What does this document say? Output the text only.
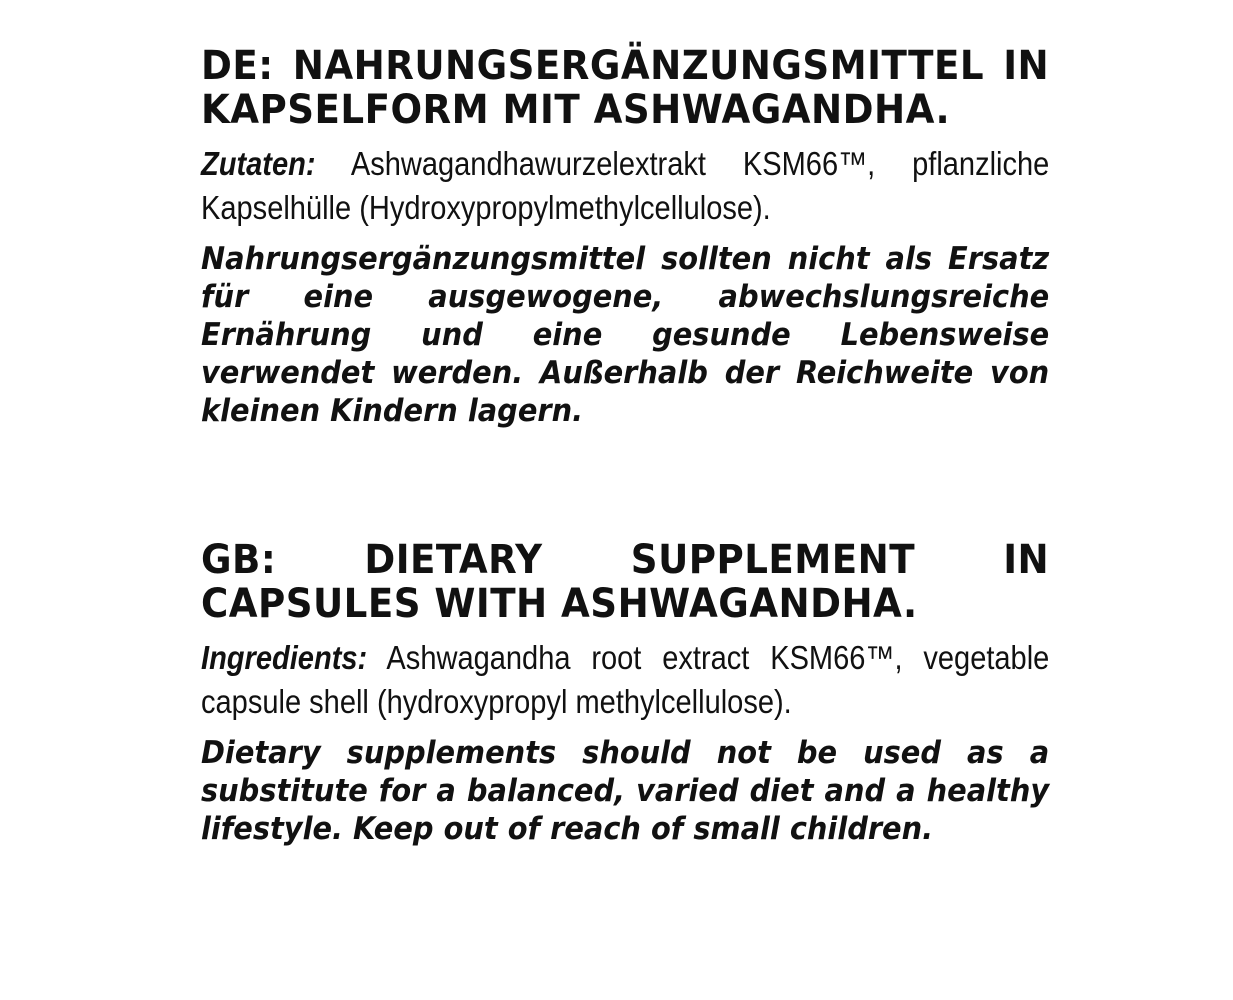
DE: NAHRUNGSERGÄNZUNGSMITTEL IN KAPSELFORM MIT ASHWAGANDHA.

Zutaten: Ashwagandhawurzelextrakt KSM66™, pflanzliche Kapselhülle (Hydroxypropylmethylcellulose).

Nahrungsergänzungsmittel sollten nicht als Ersatz für eine ausgewogene, abwechslungsreiche Ernährung und eine gesunde Lebensweise verwendet werden. Außerhalb der Reichweite von kleinen Kindern lagern.

GB: DIETARY SUPPLEMENT IN CAPSULES WITH ASHWAGANDHA.

Ingredients: Ashwagandha root extract KSM66™, vegetable capsule shell (hydroxypropyl methylcellulose).

Dietary supplements should not be used as a substitute for a balanced, varied diet and a healthy lifestyle. Keep out of reach of small children.
